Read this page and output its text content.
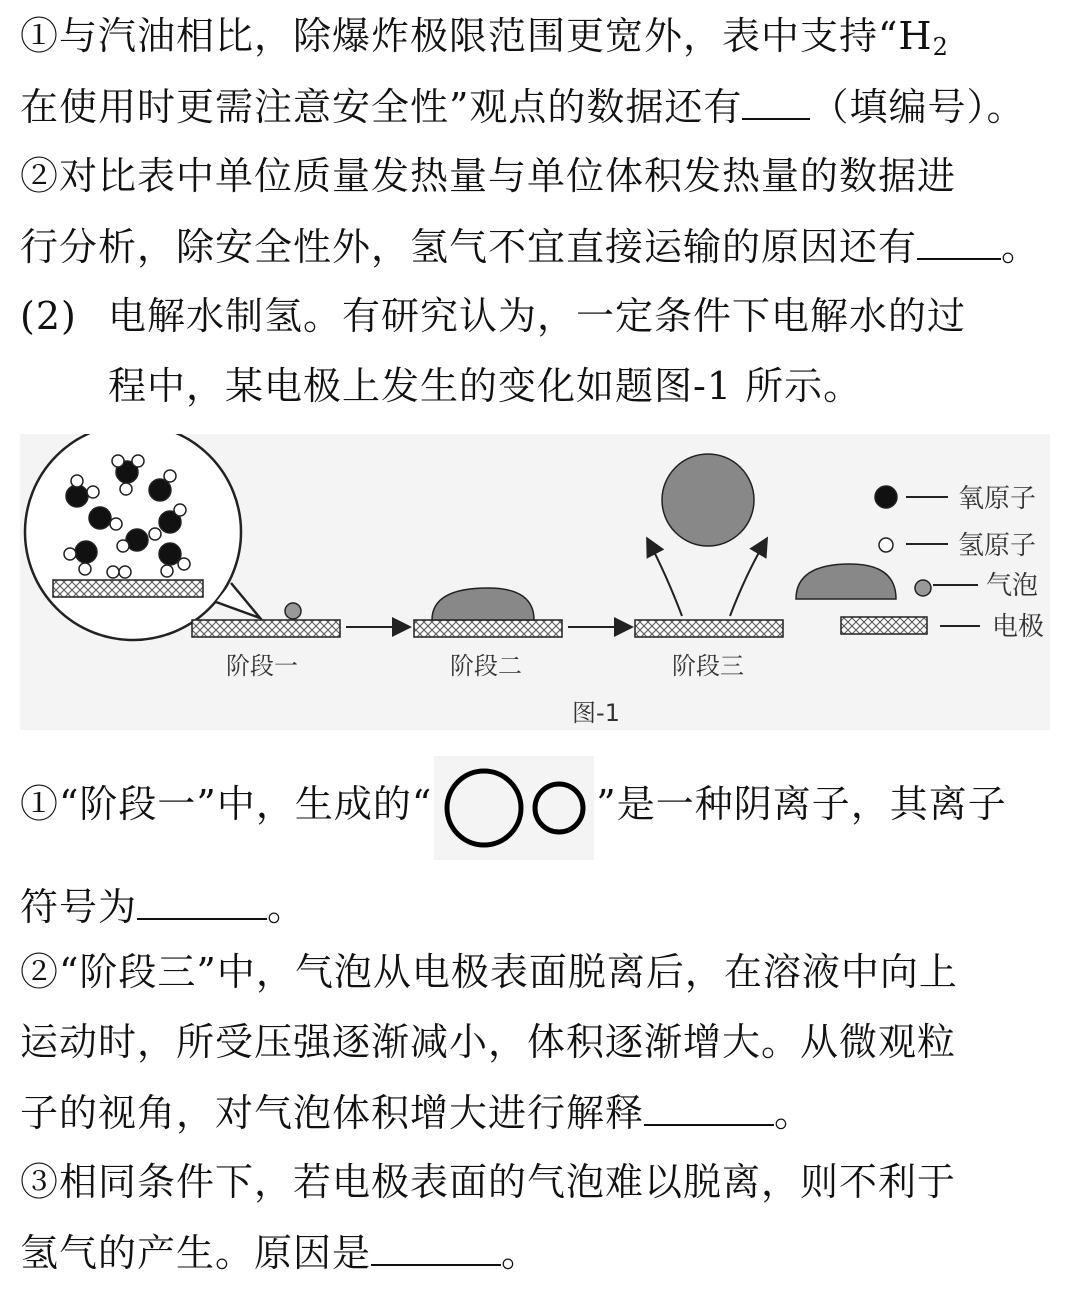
①与汽油相比，除爆炸极限范围更宽外，表中支持“$H_2$
在使用时更需注意安全性”观点的数据还有 （填编号）。
②对比表中单位质量发热量与单位体积发热量的数据进
行分析，除安全性外，氢气不宜直接运输的原因还有 。
(2) 电解水制氢。有研究认为，一定条件下电解水的过
程中，某电极上发生的变化如题图-1 所示。
阶段一	阶段二	阶段三
氧原子
氢原子
气泡
电极
图-1
①“阶段一”中，生成的“	”是一种阴离子，其离子
符号为	。
②“阶段三”中，气泡从电极表面脱离后，在溶液中向上
运动时，所受压强逐渐减小，体积逐渐增大。从微观粒
子的视角，对气泡体积增大进行解释	。
③相同条件下，若电极表面的气泡难以脱离，则不利于
氢气的产生。原因是	。
